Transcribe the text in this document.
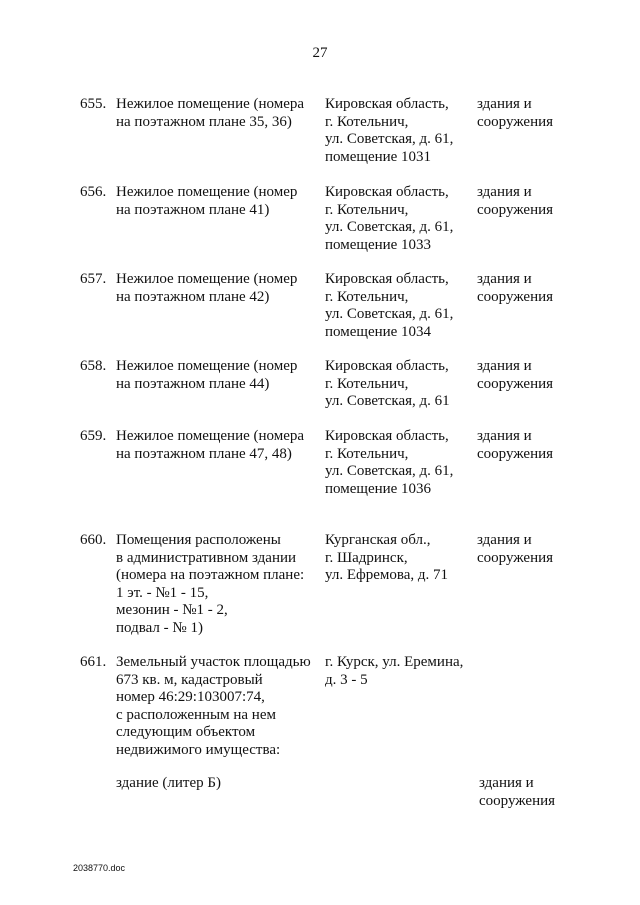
27
655. Нежилое помещение (номера
на поэтажном плане 35, 36)
Кировская область,
г. Котельнич,
ул. Советская, д. 61,
помещение 1031
здания и
сооружения
656. Нежилое помещение (номер
на поэтажном плане 41)
Кировская область,
г. Котельнич,
ул. Советская, д. 61,
помещение 1033
здания и
сооружения
657. Нежилое помещение (номер
на поэтажном плане 42)
Кировская область,
г. Котельнич,
ул. Советская, д. 61,
помещение 1034
здания и
сооружения
658. Нежилое помещение (номер
на поэтажном плане 44)
Кировская область,
г. Котельнич,
ул. Советская, д. 61
здания и
сооружения
659. Нежилое помещение (номера
на поэтажном плане 47, 48)
Кировская область,
г. Котельнич,
ул. Советская, д. 61,
помещение 1036
здания и
сооружения
660. Помещения расположены
в административном здании
(номера на поэтажном плане:
1 эт. - №1 - 15,
мезонин - №1 - 2,
подвал - № 1)
Курганская обл.,
г. Шадринск,
ул. Ефремова, д. 71
здания и
сооружения
661. Земельный участок площадью
673 кв. м, кадастровый
номер 46:29:103007:74,
с расположенным на нем
следующим объектом
недвижимого имущества:
г. Курск, ул. Еремина,
д. 3 - 5
здание (литер Б)	здания и
сооружения
2038770.doc
